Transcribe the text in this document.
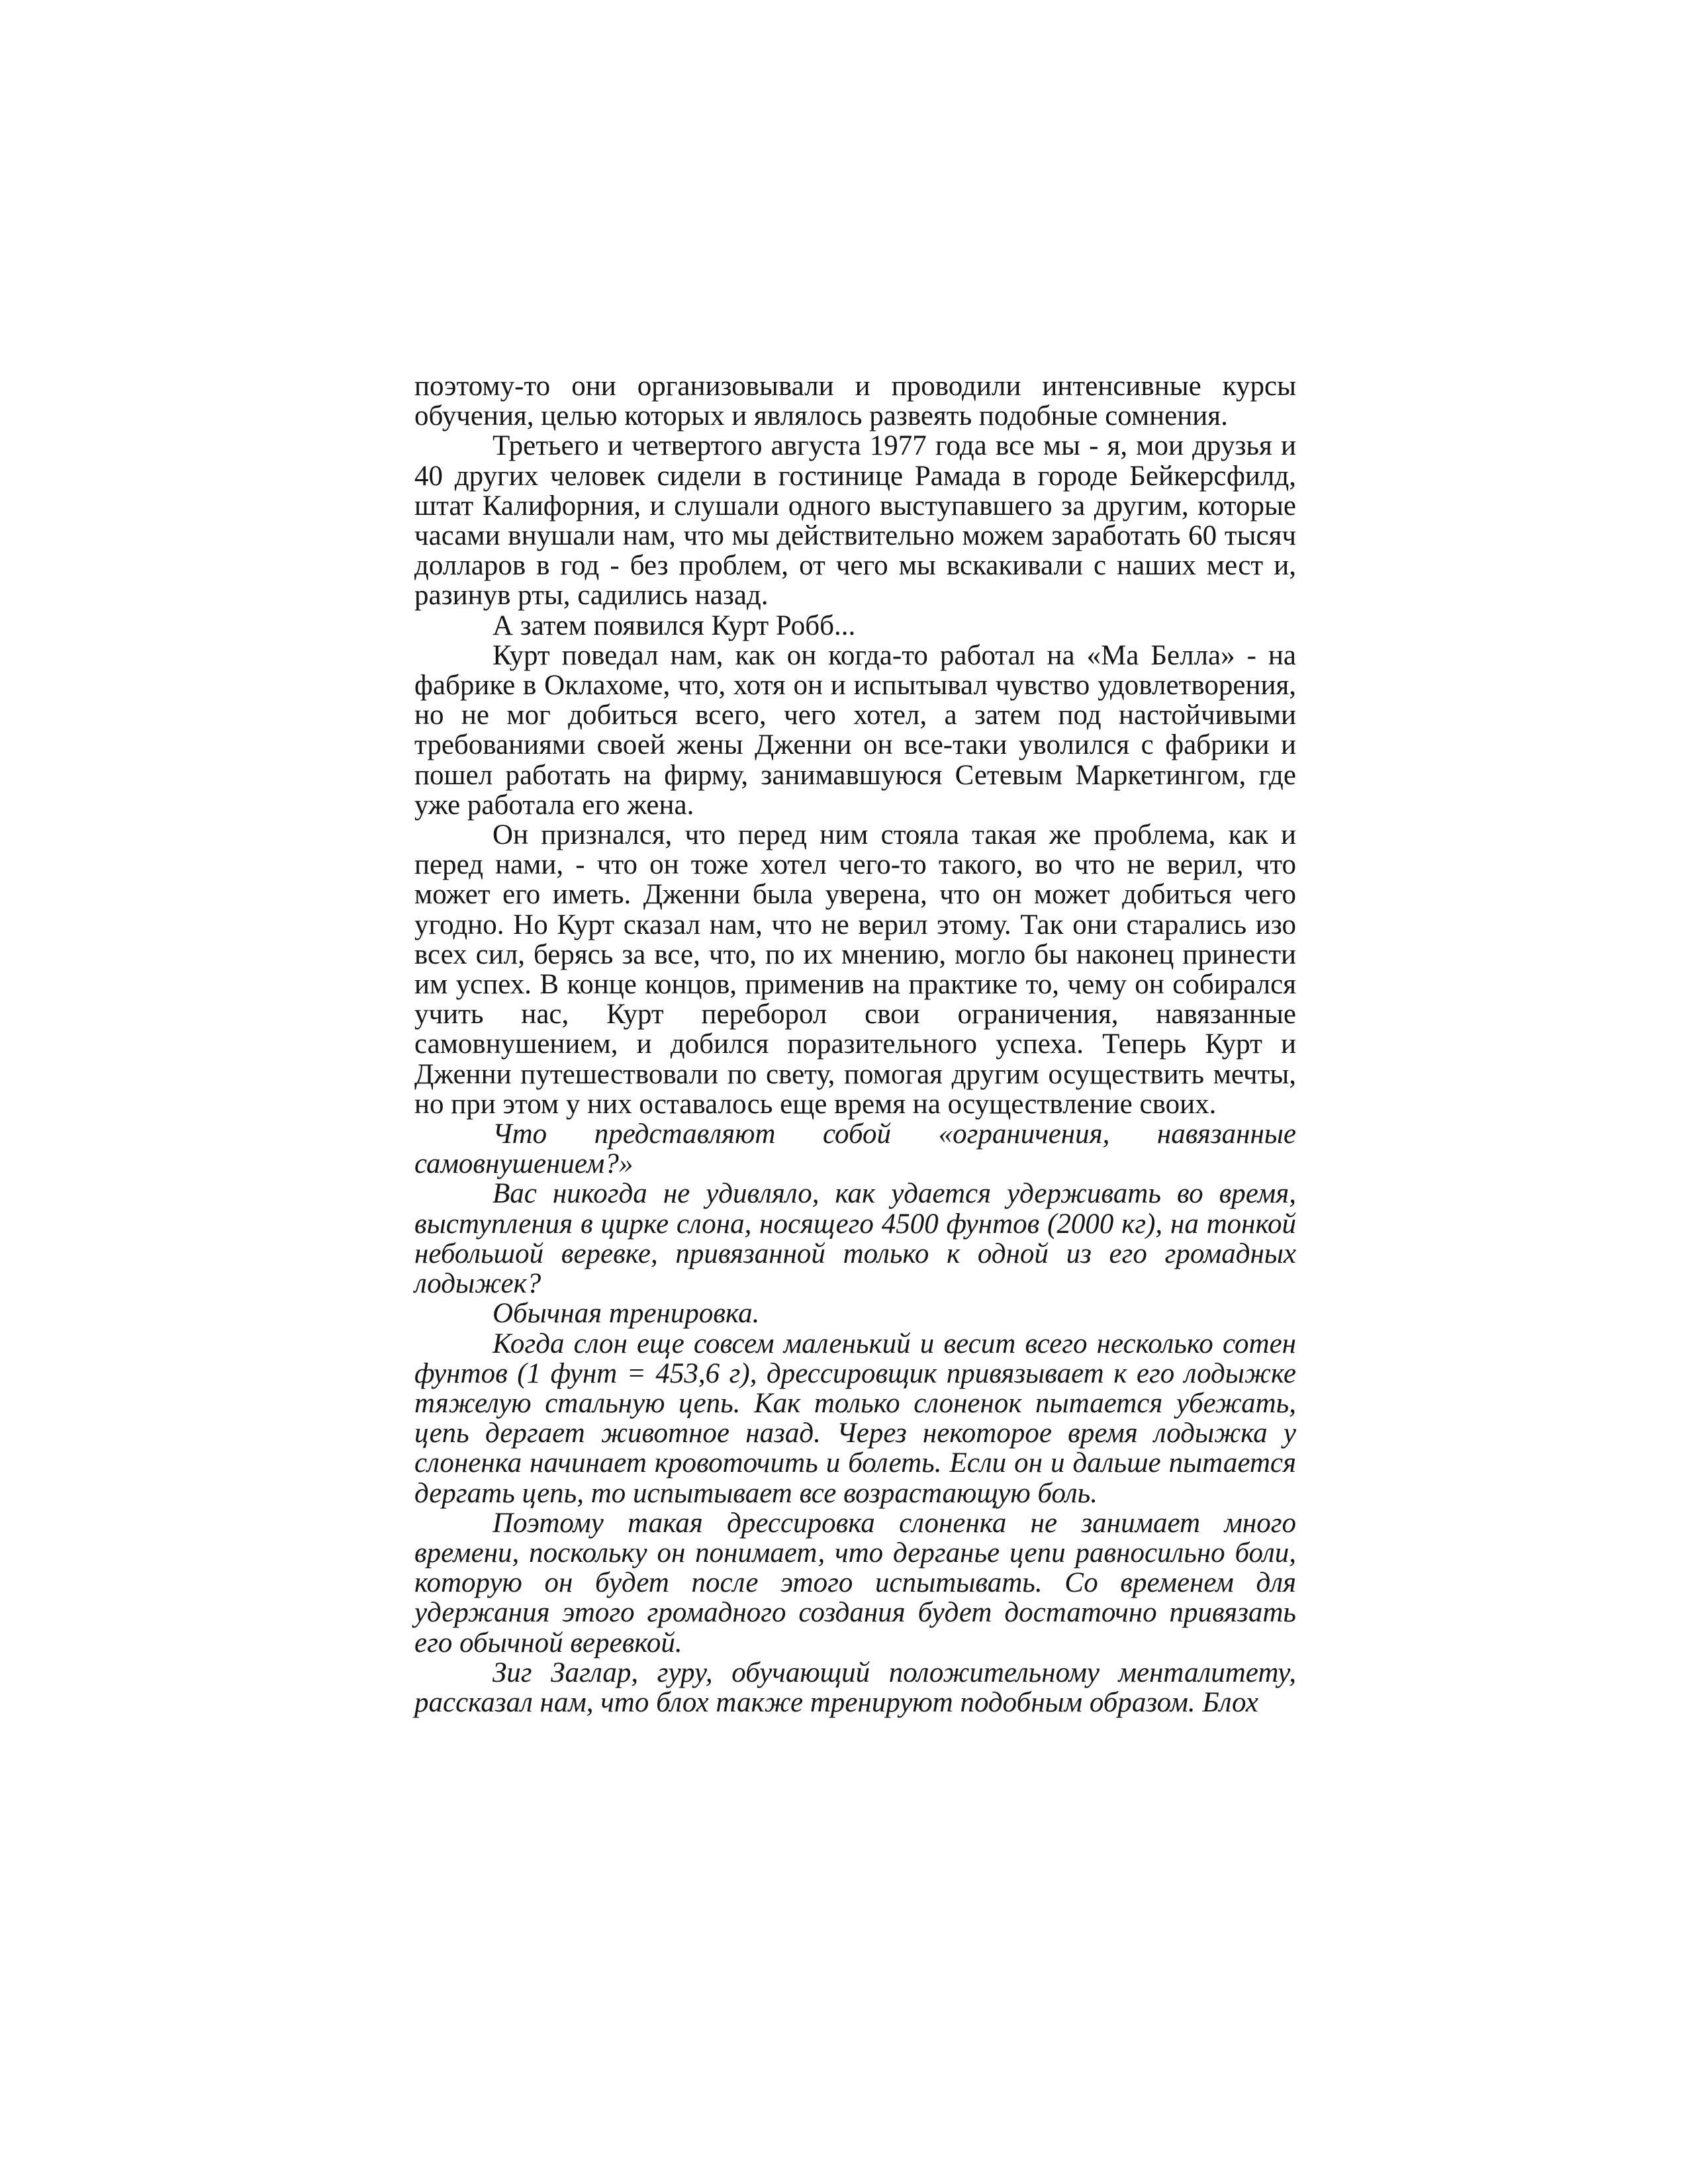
поэтому-то они организовывали и проводили интенсивные курсы обучения, целью которых и являлось развеять подобные сомнения.

Третьего и четвертого августа 1977 года все мы - я, мои друзья и 40 других человек сидели в гостинице Рамада в городе Бейкерсфилд, штат Калифорния, и слушали одного выступавшего за другим, которые часами внушали нам, что мы действительно можем заработать 60 тысяч долларов в год - без проблем, от чего мы вскакивали с наших мест и, разинув рты, садились назад.

А затем появился Курт Робб...

Курт поведал нам, как он когда-то работал на «Ма Белла» - на фабрике в Оклахоме, что, хотя он и испытывал чувство удовлетворения, но не мог добиться всего, чего хотел, а затем под настойчивыми требованиями своей жены Дженни он все-таки уволился с фабрики и пошел работать на фирму, занимавшуюся Сетевым Маркетингом, где уже работала его жена.

Он признался, что перед ним стояла такая же проблема, как и перед нами, - что он тоже хотел чего-то такого, во что не верил, что может его иметь. Дженни была уверена, что он может добиться чего угодно. Но Курт сказал нам, что не верил этому. Так они старались изо всех сил, берясь за все, что, по их мнению, могло бы наконец принести им успех. В конце концов, применив на практике то, чему он собирался учить нас, Курт переборол свои ограничения, навязанные самовнушением, и добился поразительного успеха. Теперь Курт и Дженни путешествовали по свету, помогая другим осуществить мечты, но при этом у них оставалось еще время на осуществление своих.

Что представляют собой «ограничения, навязанные самовнушением?»

Вас никогда не удивляло, как удается удерживать во время, выступления в цирке слона, носящего 4500 фунтов (2000 кг), на тонкой небольшой веревке, привязанной только к одной из его громадных лодыжек?

Обычная тренировка.

Когда слон еще совсем маленький и весит всего несколько сотен фунтов (1 фунт = 453,6 г), дрессировщик привязывает к его лодыжке тяжелую стальную цепь. Как только слоненок пытается убежать, цепь дергает животное назад. Через некоторое время лодыжка у слоненка начинает кровоточить и болеть. Если он и дальше пытается дергать цепь, то испытывает все возрастающую боль.

Поэтому такая дрессировка слоненка не занимает много времени, поскольку он понимает, что дерганье цепи равносильно боли, которую он будет после этого испытывать. Со временем для удержания этого громадного создания будет достаточно привязать его обычной веревкой.

Зиг Заглар, гуру, обучающий положительному менталитету, рассказал нам, что блох также тренируют подобным образом. Блох
